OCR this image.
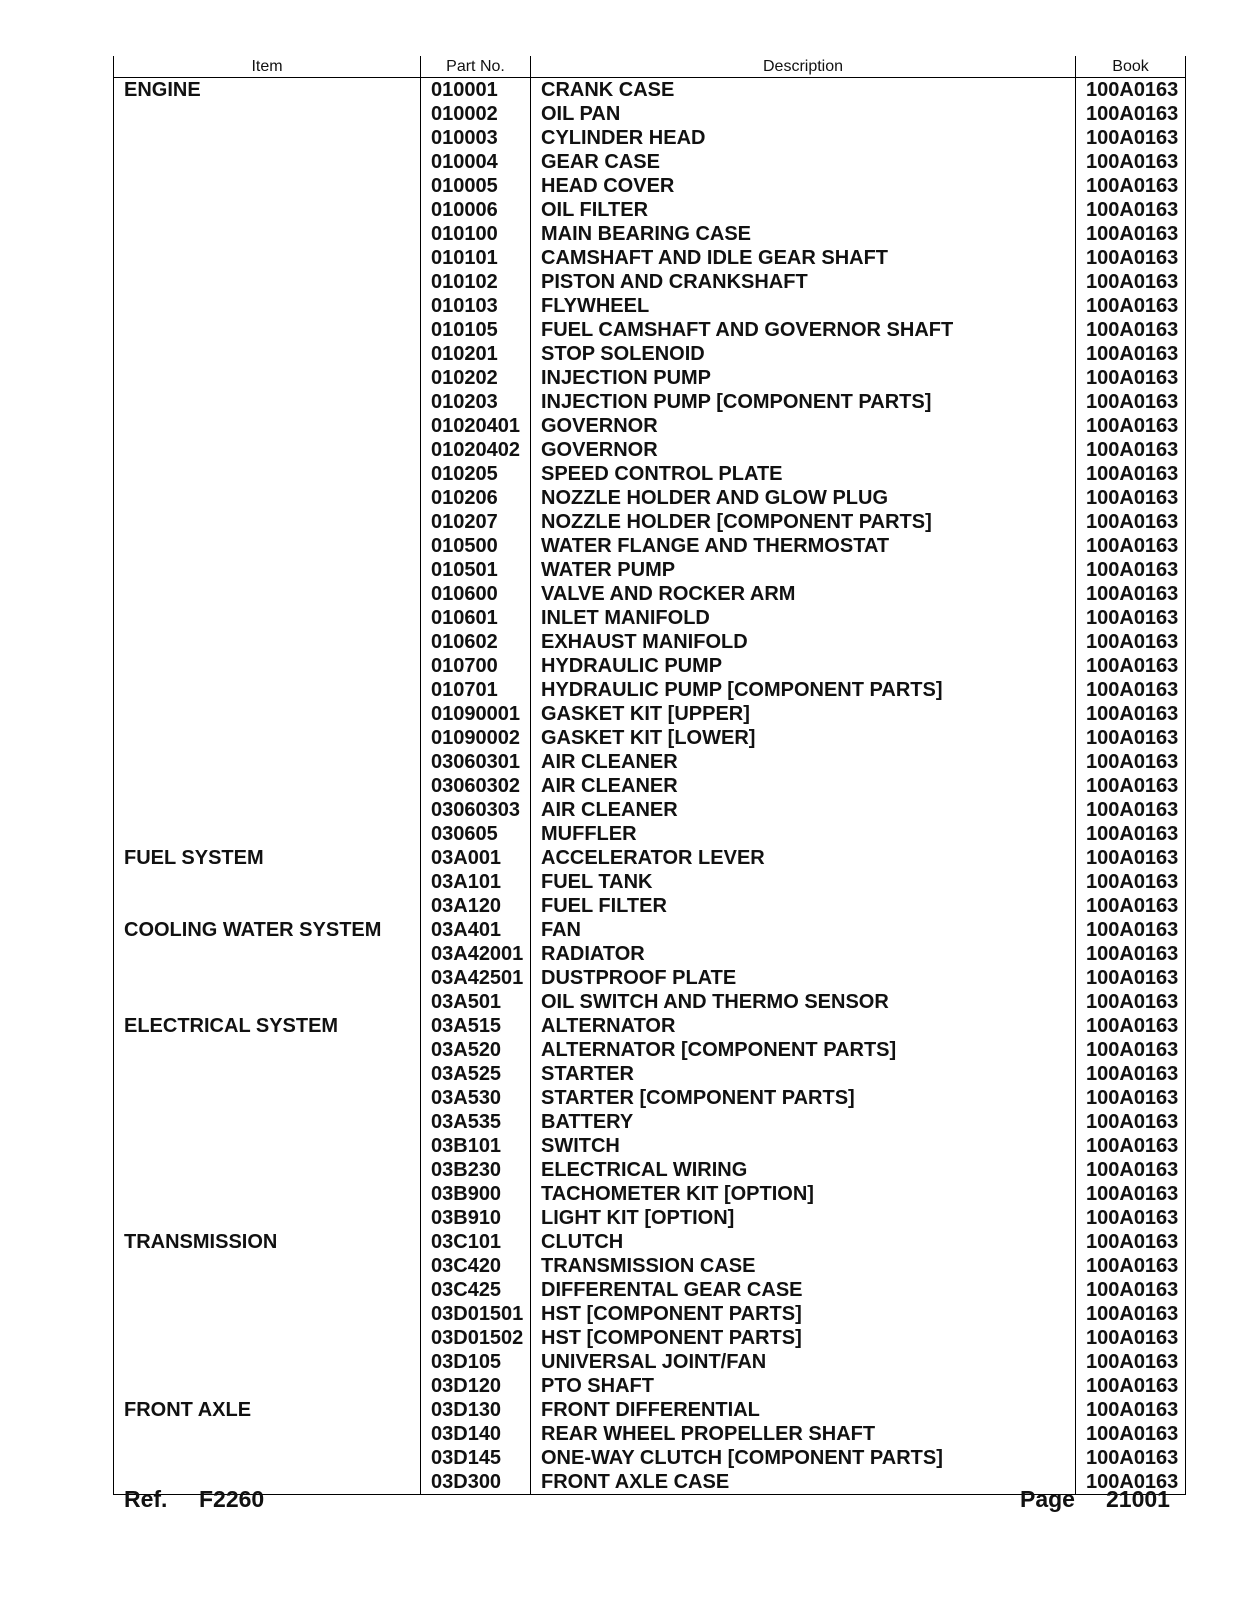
Item	Part No.	Description	Book
ENGINE	010001	CRANK CASE	100A0163
	010002	OIL PAN	100A0163
	010003	CYLINDER HEAD	100A0163
	010004	GEAR CASE	100A0163
	010005	HEAD COVER	100A0163
	010006	OIL FILTER	100A0163
	010100	MAIN BEARING CASE	100A0163
	010101	CAMSHAFT AND IDLE GEAR SHAFT	100A0163
	010102	PISTON AND CRANKSHAFT	100A0163
	010103	FLYWHEEL	100A0163
	010105	FUEL CAMSHAFT AND GOVERNOR SHAFT	100A0163
	010201	STOP SOLENOID	100A0163
	010202	INJECTION PUMP	100A0163
	010203	INJECTION PUMP [COMPONENT PARTS]	100A0163
	01020401	GOVERNOR	100A0163
	01020402	GOVERNOR	100A0163
	010205	SPEED CONTROL PLATE	100A0163
	010206	NOZZLE HOLDER AND GLOW PLUG	100A0163
	010207	NOZZLE HOLDER [COMPONENT PARTS]	100A0163
	010500	WATER FLANGE AND THERMOSTAT	100A0163
	010501	WATER PUMP	100A0163
	010600	VALVE AND ROCKER ARM	100A0163
	010601	INLET MANIFOLD	100A0163
	010602	EXHAUST MANIFOLD	100A0163
	010700	HYDRAULIC PUMP	100A0163
	010701	HYDRAULIC PUMP [COMPONENT PARTS]	100A0163
	01090001	GASKET KIT [UPPER]	100A0163
	01090002	GASKET KIT [LOWER]	100A0163
	03060301	AIR CLEANER	100A0163
	03060302	AIR CLEANER	100A0163
	03060303	AIR CLEANER	100A0163
	030605	MUFFLER	100A0163
FUEL SYSTEM	03A001	ACCELERATOR LEVER	100A0163
	03A101	FUEL TANK	100A0163
	03A120	FUEL FILTER	100A0163
COOLING WATER SYSTEM	03A401	FAN	100A0163
	03A42001	RADIATOR	100A0163
	03A42501	DUSTPROOF PLATE	100A0163
	03A501	OIL SWITCH AND THERMO SENSOR	100A0163
ELECTRICAL SYSTEM	03A515	ALTERNATOR	100A0163
	03A520	ALTERNATOR [COMPONENT PARTS]	100A0163
	03A525	STARTER	100A0163
	03A530	STARTER [COMPONENT PARTS]	100A0163
	03A535	BATTERY	100A0163
	03B101	SWITCH	100A0163
	03B230	ELECTRICAL WIRING	100A0163
	03B900	TACHOMETER KIT [OPTION]	100A0163
	03B910	LIGHT KIT [OPTION]	100A0163
TRANSMISSION	03C101	CLUTCH	100A0163
	03C420	TRANSMISSION CASE	100A0163
	03C425	DIFFERENTAL GEAR CASE	100A0163
	03D01501	HST [COMPONENT PARTS]	100A0163
	03D01502	HST [COMPONENT PARTS]	100A0163
	03D105	UNIVERSAL JOINT/FAN	100A0163
	03D120	PTO SHAFT	100A0163
FRONT AXLE	03D130	FRONT DIFFERENTIAL	100A0163
	03D140	REAR WHEEL PROPELLER SHAFT	100A0163
	03D145	ONE-WAY CLUTCH [COMPONENT PARTS]	100A0163
	03D300	FRONT AXLE CASE	100A0163
Ref. F2260	Page 21001
